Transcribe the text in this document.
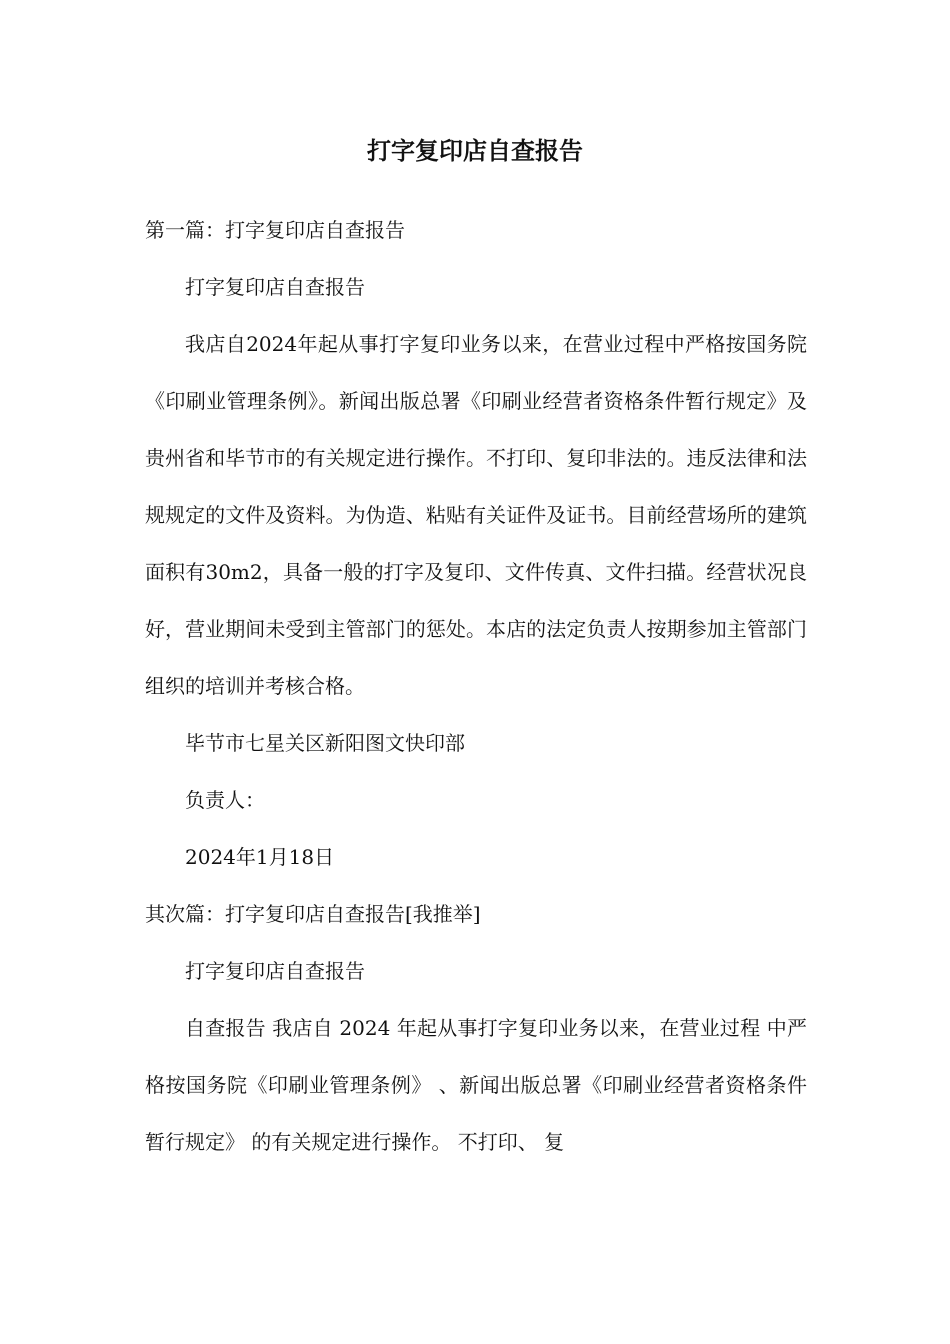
打字复印店自查报告

第一篇：打字复印店自查报告

打字复印店自查报告

我店自2024年起从事打字复印业务以来，在营业过程中严格按国务院《印刷业管理条例》。新闻出版总署《印刷业经营者资格条件暂行规定》及贵州省和毕节市的有关规定进行操作。不打印、复印非法的。违反法律和法规规定的文件及资料。为伪造、粘贴有关证件及证书。目前经营场所的建筑面积有30m2，具备一般的打字及复印、文件传真、文件扫描。经营状况良好，营业期间未受到主管部门的惩处。本店的法定负责人按期参加主管部门组织的培训并考核合格。

毕节市七星关区新阳图文快印部

负责人：

2024年1月18日

其次篇：打字复印店自查报告[我推举]

打字复印店自查报告

自查报告 我店自 2024 年起从事打字复印业务以来，在营业过程 中严格按国务院《印刷业管理条例》 、新闻出版总署《印刷业经营者资格条件暂行规定》 的有关规定进行操作。 不打印、 复
